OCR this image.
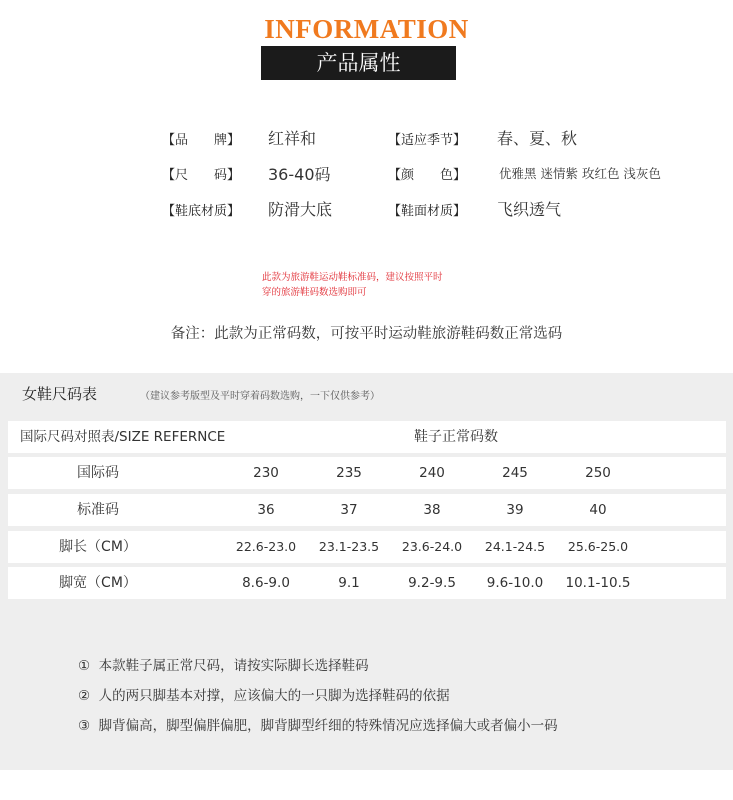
INFORMATION
产品属性
【品　　牌】 红祥和	【适应季节】 春、夏、秋
【尺　　码】 36-40码	【颜　　色】	优雅黑 迷情紫 玫红色 浅灰色
【鞋底材质】 防滑大底	【鞋面材质】 飞织透气
此款为旅游鞋运动鞋标准码，建议按照平时
穿的旅游鞋码数选购即可
备注：此款为正常码数，可按平时运动鞋旅游鞋码数正常选码
女鞋尺码表	（建议参考版型及平时穿着码数选购，一下仅供参考）
国际尺码对照表/SIZE REFERNCE	鞋子正常码数
国际码	230	235	240	245	250
标准码	36	37	38	39	40
脚长（CM）	22.6-23.0	23.1-23.5	23.6-24.0	24.1-24.5	25.6-25.0
脚宽（CM）	8.6-9.0	9.1	9.2-9.5	9.6-10.0	10.1-10.5
①  本款鞋子属正常尺码，请按实际脚长选择鞋码
②  人的两只脚基本对撑，应该偏大的一只脚为选择鞋码的依据
③  脚背偏高，脚型偏胖偏肥，脚背脚型纤细的特殊情况应选择偏大或者偏小一码
